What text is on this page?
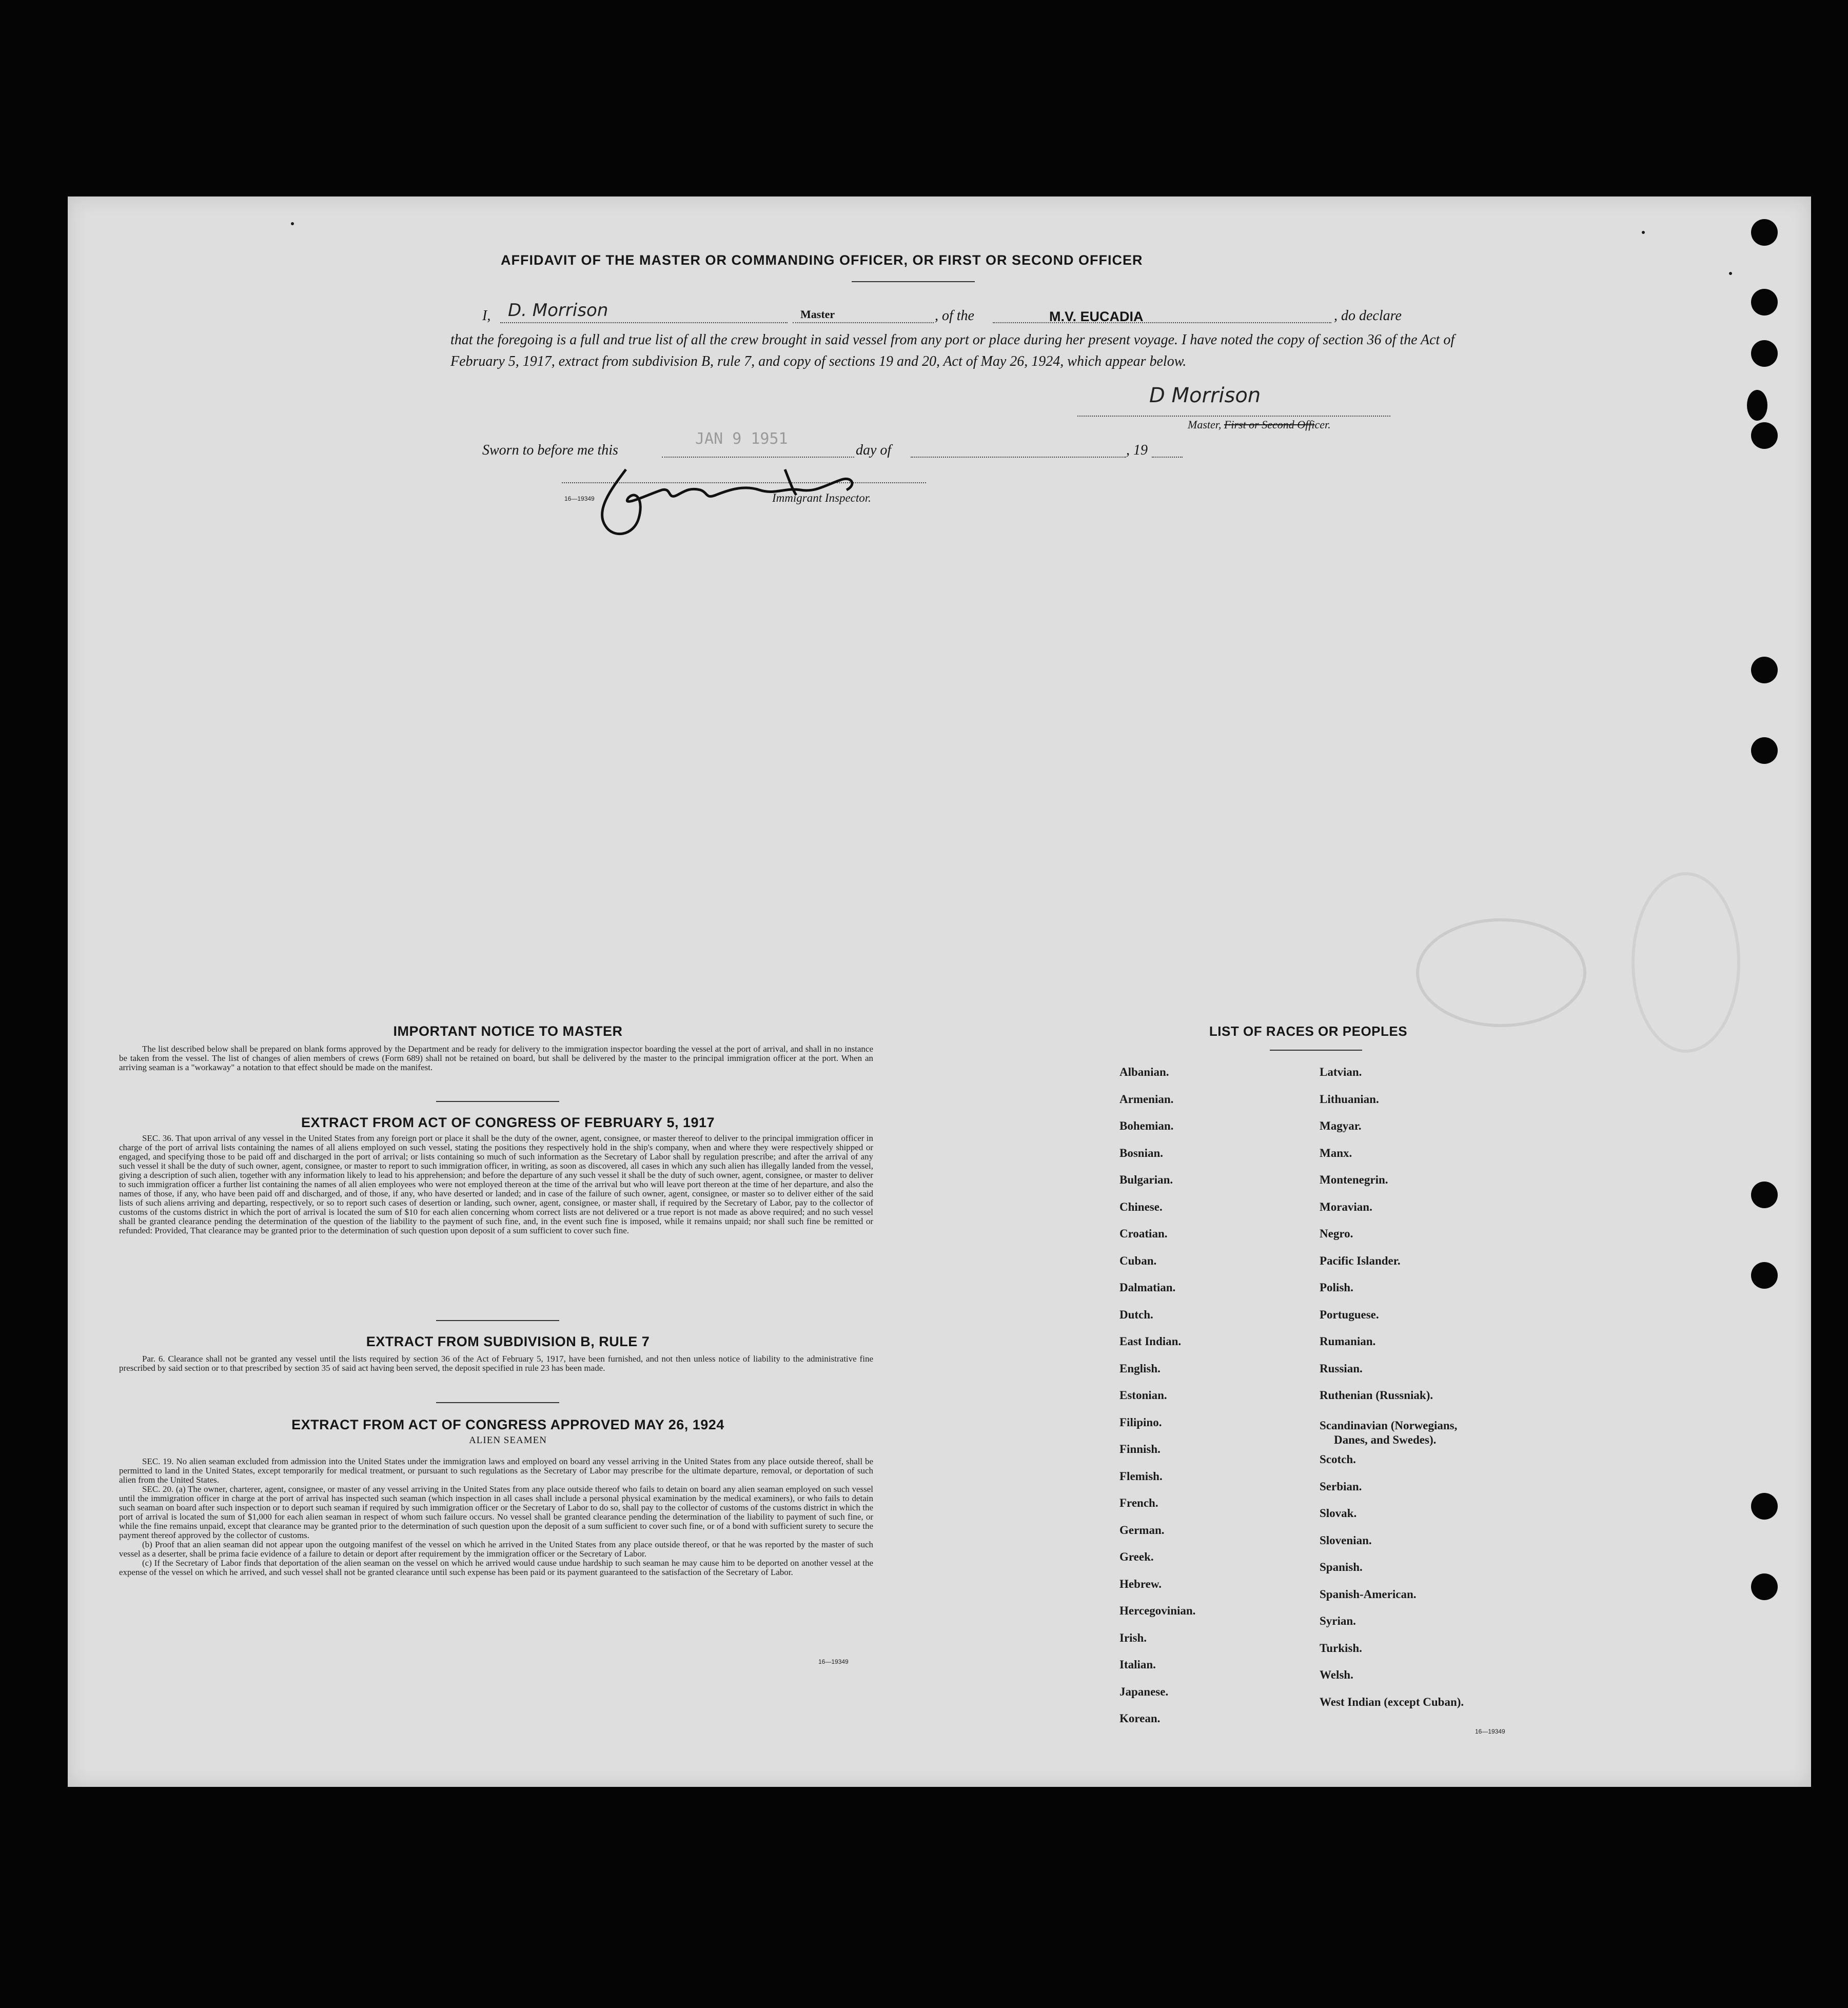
AFFIDAVIT OF THE MASTER OR COMMANDING OFFICER, OR FIRST OR SECOND OFFICER
I, D. Morrison	Master	, of the	M.V. EUCADIA	, do declare
that the foregoing is a full and true list of all the crew brought in said vessel from any port or place during her present voyage. I have noted the copy of section 36 of the Act of February 5, 1917, extract from subdivision B, rule 7, and copy of sections 19 and 20, Act of May 26, 1924, which appear below.
D Morrison
Master, First or Second Officer.
Sworn to before me this
JAN 9 1951
day of	, 19
16—19349	Immigrant Inspector.
IMPORTANT NOTICE TO MASTER
The list described below shall be prepared on blank forms approved by the Department and be ready for delivery to the immigration inspector boarding the vessel at the port of arrival, and shall in no instance be taken from the vessel. The list of changes of alien members of crews (Form 689) shall not be retained on board, but shall be delivered by the master to the principal immigration officer at the port. When an arriving seaman is a "workaway" a notation to that effect should be made on the manifest.
EXTRACT FROM ACT OF CONGRESS OF FEBRUARY 5, 1917
SEC. 36. That upon arrival of any vessel in the United States from any foreign port or place it shall be the duty of the owner, agent, consignee, or master thereof to deliver to the principal immigration officer in charge of the port of arrival lists containing the names of all aliens employed on such vessel, stating the positions they respectively hold in the ship's company, when and where they were respectively shipped or engaged, and specifying those to be paid off and discharged in the port of arrival; or lists containing so much of such information as the Secretary of Labor shall by regulation prescribe; and after the arrival of any such vessel it shall be the duty of such owner, agent, consignee, or master to report to such immigration officer, in writing, as soon as discovered, all cases in which any such alien has illegally landed from the vessel, giving a description of such alien, together with any information likely to lead to his apprehension; and before the departure of any such vessel it shall be the duty of such owner, agent, consignee, or master to deliver to such immigration officer a further list containing the names of all alien employees who were not employed thereon at the time of the arrival but who will leave port thereon at the time of her departure, and also the names of those, if any, who have been paid off and discharged, and of those, if any, who have deserted or landed; and in case of the failure of such owner, agent, consignee, or master so to deliver either of the said lists of such aliens arriving and departing, respectively, or so to report such cases of desertion or landing, such owner, agent, consignee, or master shall, if required by the Secretary of Labor, pay to the collector of customs of the customs district in which the port of arrival is located the sum of $10 for each alien concerning whom correct lists are not delivered or a true report is not made as above required; and no such vessel shall be granted clearance pending the determination of the question of the liability to the payment of such fine, and, in the event such fine is imposed, while it remains unpaid; nor shall such fine be remitted or refunded: Provided, That clearance may be granted prior to the determination of such question upon deposit of a sum sufficient to cover such fine.
EXTRACT FROM SUBDIVISION B, RULE 7
Par. 6. Clearance shall not be granted any vessel until the lists required by section 36 of the Act of February 5, 1917, have been furnished, and not then unless notice of liability to the administrative fine prescribed by said section or to that prescribed by section 35 of said act having been served, the deposit specified in rule 23 has been made.
EXTRACT FROM ACT OF CONGRESS APPROVED MAY 26, 1924
ALIEN SEAMEN
SEC. 19. No alien seaman excluded from admission into the United States under the immigration laws and employed on board any vessel arriving in the United States from any place outside thereof, shall be permitted to land in the United States, except temporarily for medical treatment, or pursuant to such regulations as the Secretary of Labor may prescribe for the ultimate departure, removal, or deportation of such alien from the United States.
SEC. 20. (a) The owner, charterer, agent, consignee, or master of any vessel arriving in the United States from any place outside thereof who fails to detain on board any alien seaman employed on such vessel until the immigration officer in charge at the port of arrival has inspected such seaman (which inspection in all cases shall include a personal physical examination by the medical examiners), or who fails to detain such seaman on board after such inspection or to deport such seaman if required by such immigration officer or the Secretary of Labor to do so, shall pay to the collector of customs of the customs district in which the port of arrival is located the sum of $1,000 for each alien seaman in respect of whom such failure occurs. No vessel shall be granted clearance pending the determination of the liability to payment of such fine, or while the fine remains unpaid, except that clearance may be granted prior to the determination of such question upon the deposit of a sum sufficient to cover such fine, or of a bond with sufficient surety to secure the payment thereof approved by the collector of customs.
(b) Proof that an alien seaman did not appear upon the outgoing manifest of the vessel on which he arrived in the United States from any place outside thereof, or that he was reported by the master of such vessel as a deserter, shall be prima facie evidence of a failure to detain or deport after requirement by the immigration officer or the Secretary of Labor.
(c) If the Secretary of Labor finds that deportation of the alien seaman on the vessel on which he arrived would cause undue hardship to such seaman he may cause him to be deported on another vessel at the expense of the vessel on which he arrived, and such vessel shall not be granted clearance until such expense has been paid or its payment guaranteed to the satisfaction of the Secretary of Labor.
16—19349
LIST OF RACES OR PEOPLES
Albanian.
Armenian.
Bohemian.
Bosnian.
Bulgarian.
Chinese.
Croatian.
Cuban.
Dalmatian.
Dutch.
East Indian.
English.
Estonian.
Filipino.
Finnish.
Flemish.
French.
German.
Greek.
Hebrew.
Hercegovinian.
Irish.
Italian.
Japanese.
Korean.
Latvian.
Lithuanian.
Magyar.
Manx.
Montenegrin.
Moravian.
Negro.
Pacific Islander.
Polish.
Portuguese.
Rumanian.
Russian.
Ruthenian (Russniak).
Scandinavian (Norwegians,
Danes, and Swedes).
Scotch.
Serbian.
Slovak.
Slovenian.
Spanish.
Spanish-American.
Syrian.
Turkish.
Welsh.
West Indian (except Cuban).
16—19349
